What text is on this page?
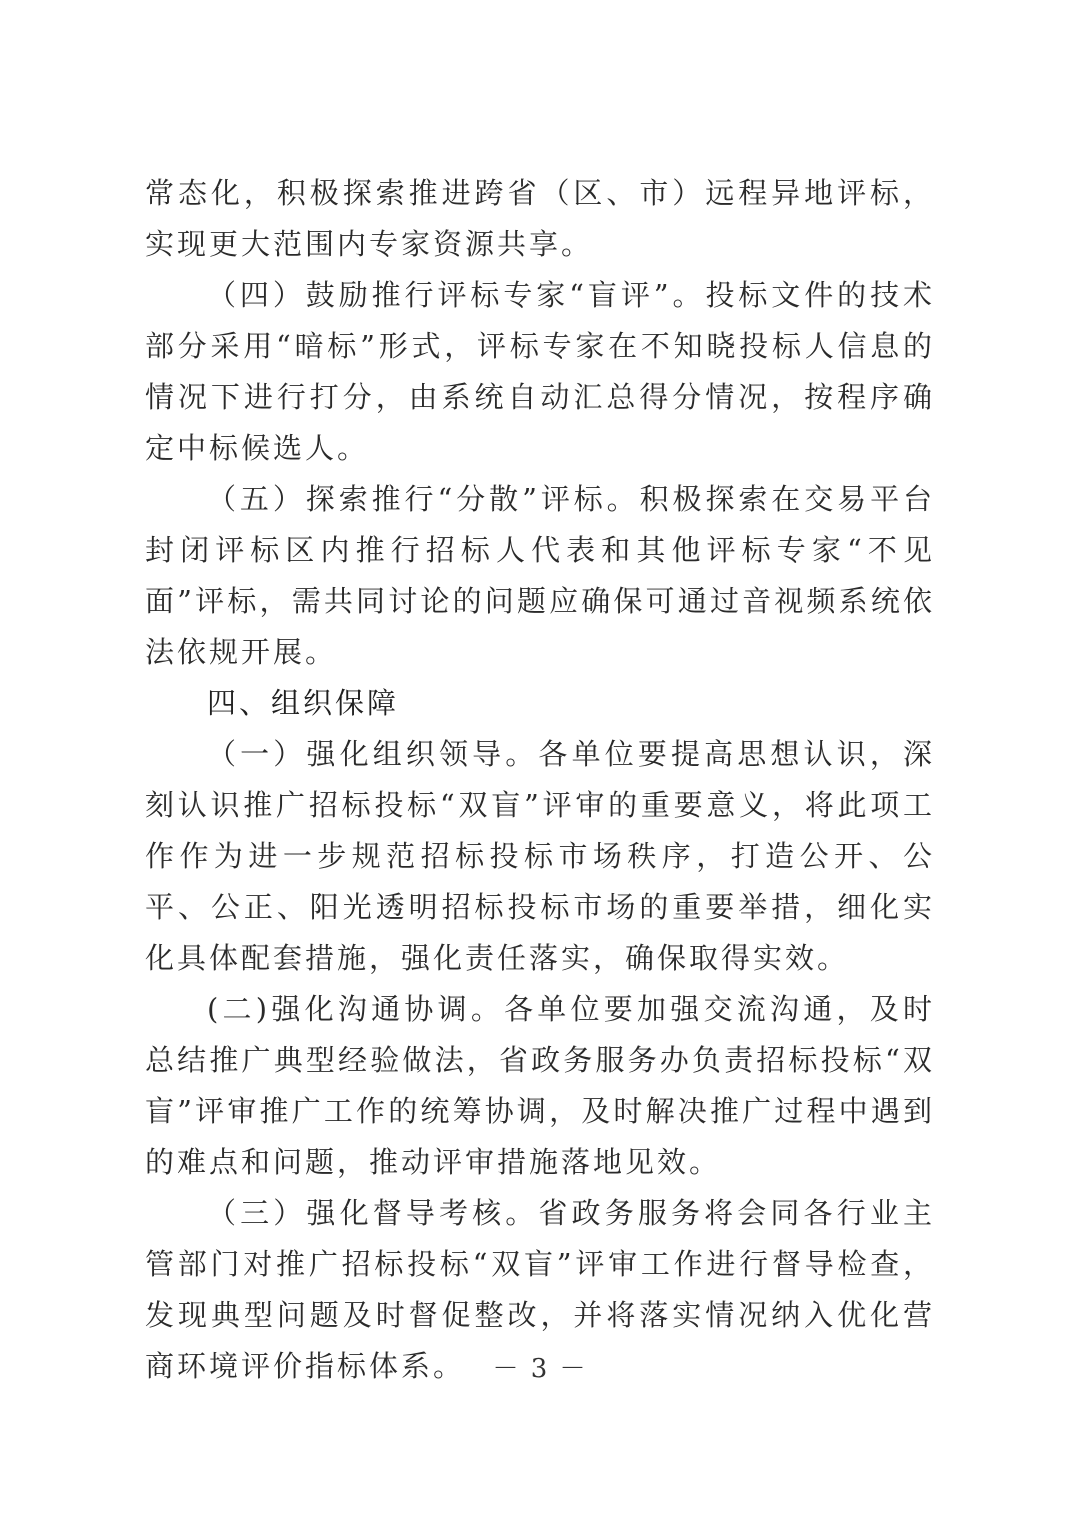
常态化，积极探索推进跨省（区、市）远程异地评标，实现更大范围内专家资源共享。

（四）鼓励推行评标专家“盲评”。投标文件的技术部分采用“暗标”形式，评标专家在不知晓投标人信息的情况下进行打分，由系统自动汇总得分情况，按程序确定中标候选人。

（五）探索推行“分散”评标。积极探索在交易平台封闭评标区内推行招标人代表和其他评标专家“不见面”评标，需共同讨论的问题应确保可通过音视频系统依法依规开展。

四、组织保障

（一）强化组织领导。各单位要提高思想认识，深刻认识推广招标投标“双盲”评审的重要意义，将此项工作作为进一步规范招标投标市场秩序，打造公开、公平、公正、阳光透明招标投标市场的重要举措，细化实化具体配套措施，强化责任落实，确保取得实效。

(二)强化沟通协调。各单位要加强交流沟通，及时总结推广典型经验做法，省政务服务办负责招标投标“双盲”评审推广工作的统筹协调，及时解决推广过程中遇到的难点和问题，推动评审措施落地见效。

（三）强化督导考核。省政务服务将会同各行业主管部门对推广招标投标“双盲”评审工作进行督导检查，发现典型问题及时督促整改，并将落实情况纳入优化营商环境评价指标体系。	－ 3 －
